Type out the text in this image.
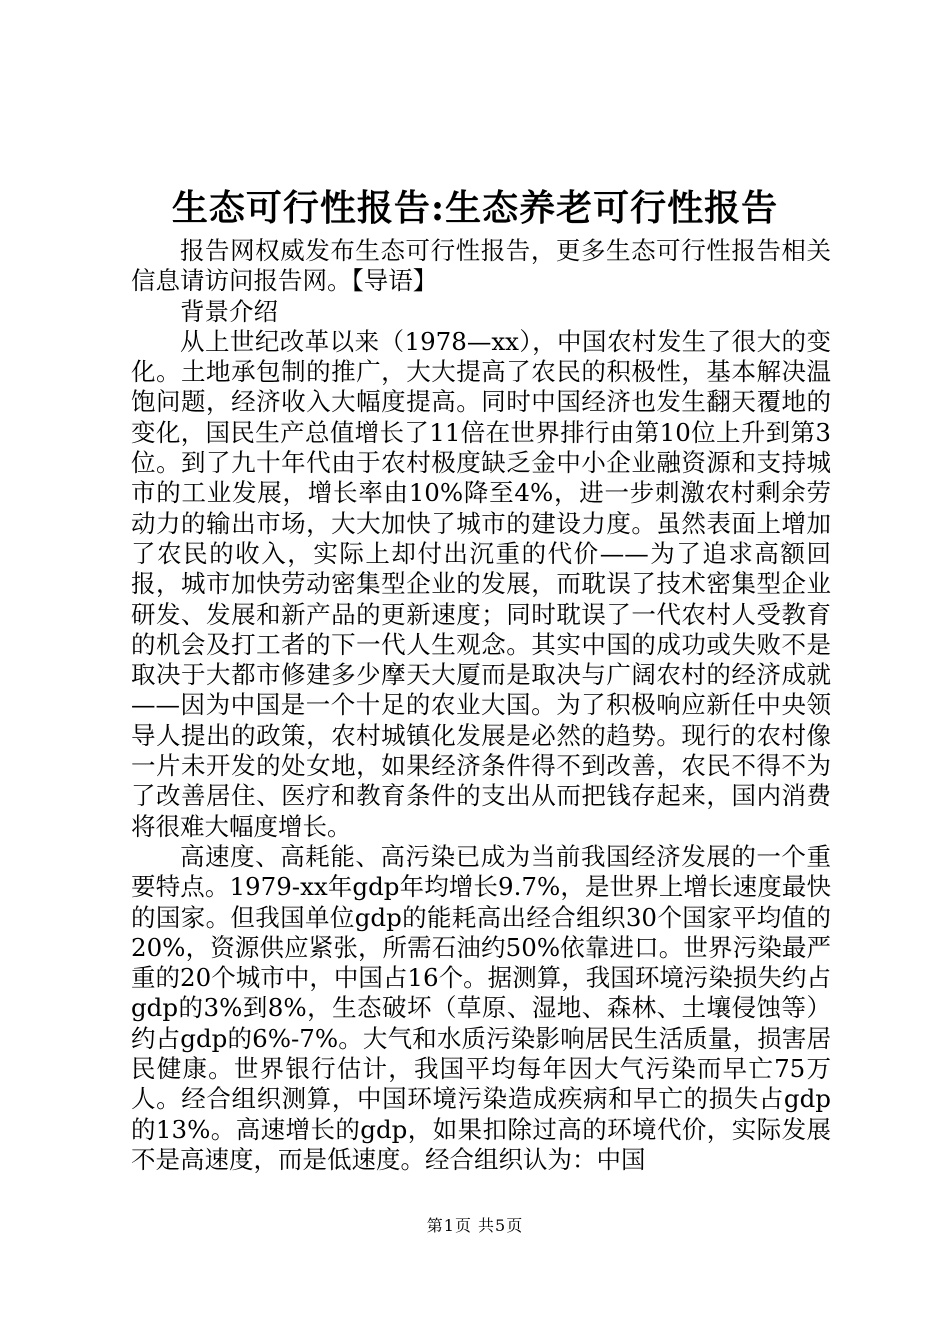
生态可行性报告:生态养老可行性报告

报告网权威发布生态可行性报告，更多生态可行性报告相关信息请访问报告网。【导语】

背景介绍

从上世纪改革以来（1978—xx），中国农村发生了很大的变化。土地承包制的推广，大大提高了农民的积极性，基本解决温饱问题，经济收入大幅度提高。同时中国经济也发生翻天覆地的变化，国民生产总值增长了11倍在世界排行由第10位上升到第3位。到了九十年代由于农村极度缺乏金中小企业融资源和支持城市的工业发展，增长率由10%降至4%，进一步刺激农村剩余劳动力的输出市场，大大加快了城市的建设力度。虽然表面上增加了农民的收入，实际上却付出沉重的代价——为了追求高额回报，城市加快劳动密集型企业的发展，而耽误了技术密集型企业研发、发展和新产品的更新速度；同时耽误了一代农村人受教育的机会及打工者的下一代人生观念。其实中国的成功或失败不是取决于大都市修建多少摩天大厦而是取决与广阔农村的经济成就——因为中国是一个十足的农业大国。为了积极响应新任中央领导人提出的政策，农村城镇化发展是必然的趋势。现行的农村像一片未开发的处女地，如果经济条件得不到改善，农民不得不为了改善居住、医疗和教育条件的支出从而把钱存起来，国内消费将很难大幅度增长。

高速度、高耗能、高污染已成为当前我国经济发展的一个重要特点。1979-xx年gdp年均增长9.7%，是世界上增长速度最快的国家。但我国单位gdp的能耗高出经合组织30个国家平均值的20%，资源供应紧张，所需石油约50%依靠进口。世界污染最严重的20个城市中，中国占16个。据测算，我国环境污染损失约占gdp的3%到8%，生态破坏（草原、湿地、森林、土壤侵蚀等）约占gdp的6%-7%。大气和水质污染影响居民生活质量，损害居民健康。世界银行估计，我国平均每年因大气污染而早亡75万人。经合组织测算，中国环境污染造成疾病和早亡的损失占gdp的13%。高速增长的gdp，如果扣除过高的环境代价，实际发展不是高速度，而是低速度。经合组织认为：中国

第1页 共5页
